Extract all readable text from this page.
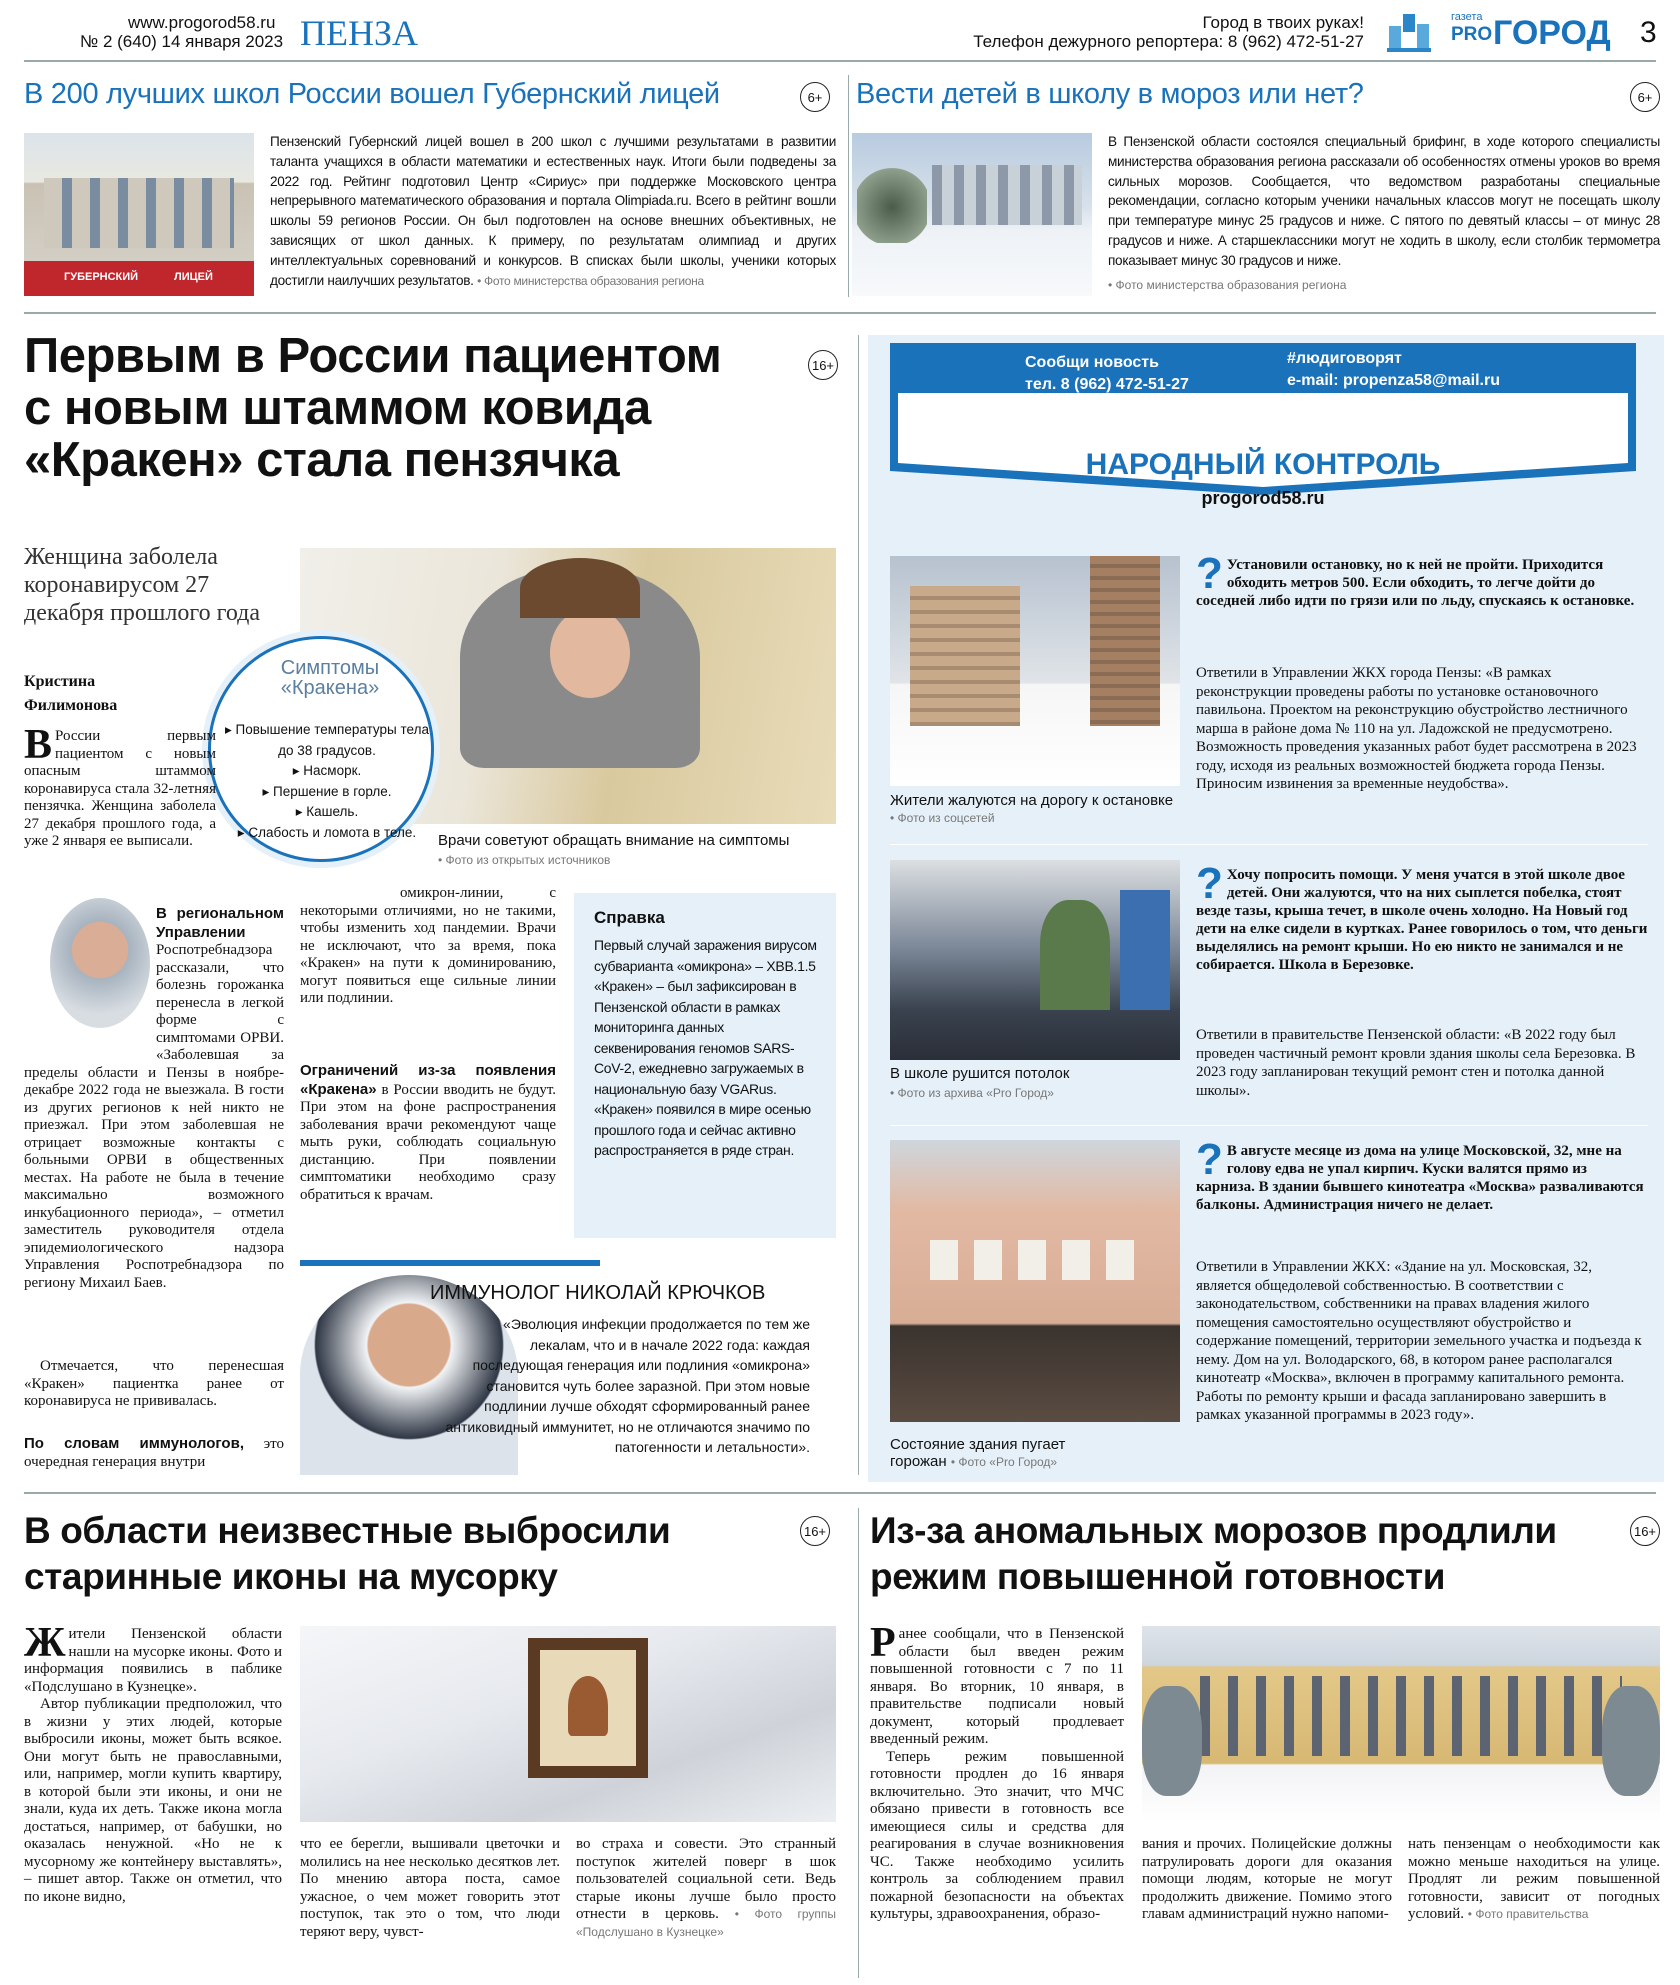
www.progorod58.ru
№ 2 (640) 14 января 2023 ПЕНЗА	Город в твоих руках!
Телефон дежурного репортера: 8 (962) 472-51-27
газета
PRO ГОРОД 3
В 200 лучших школ России вошел Губернский лицей	6+
ГУБЕРНСКИЙ	ЛИЦЕЙ
Пензенский Губернский лицей вошел в 200 школ с лучшими результатами в развитии таланта учащихся в области математики и естественных наук. Итоги были подведены за 2022 год. Рейтинг подготовил Центр «Сириус» при поддержке Московского центра непрерывного математического образования и портала Olimpiada.ru. Всего в рейтинг вошли школы 59 регионов России. Он был подготовлен на основе внешних объективных, не зависящих от школ данных. К примеру, по результатам олимпиад и других интеллектуальных соревнований и конкурсов. В списках были школы, ученики которых достигли наилучших результатов. • Фото министерства образования региона
Вести детей в школу в мороз или нет?	6+
В Пензенской области состоялся специальный брифинг, в ходе которого специалисты министерства образования региона рассказали об особенностях отмены уроков во время сильных морозов. Сообщается, что ведомством разработаны специальные рекомендации, согласно которым ученики начальных классов могут не посещать школу при температуре минус 25 градусов и ниже. С пятого по девятый классы – от минус 28 градусов и ниже. А старшеклассники могут не ходить в школу, если столбик термометра показывает минус 30 градусов и ниже.
• Фото министерства образования региона
Первым в России пациентом
с новым штаммом ковида
«Кракен» стала пензячка
16+
Женщина заболела коронавирусом 27 декабря прошлого года
Кристина Филимонова
Симптомы «Кракена»
▸ Повышение температуры тела до 38 градусов.
▸ Насморк.
▸ Першение в горле.
▸ Кашель.
▸ Слабость и ломота в теле.	Врачи советуют обращать внимание на симптомы
• Фото из открытых источников
В России первым пациентом с новым опасным штаммом коронавируса стала 32-летняя пензячка. Женщина заболела 27 декабря прошлого года, а уже 2 января ее выписали.
В региональном Управлении Роспотребнадзора рассказали, что болезнь горожанка перенесла в легкой форме с симптомами ОРВИ. «Заболевшая за пределы области и Пензы в ноябре-декабре 2022 года не выезжала. В гости из других регионов к ней никто не приезжал. При этом заболевшая не отрицает возможные контакты с больными ОРВИ в общественных местах. На работе не была в течение максимально возможного инкубационного периода», – отметил заместитель руководителя отдела эпидемиологического надзора Управления Роспотребнадзора по региону Михаил Баев.
Отмечается, что перенесшая «Кракен» пациентка ранее от коронавируса не прививалась.
По словам иммунологов, это очередная генерация внутри
омикрон-линии, с некоторыми отличиями, но не такими, чтобы изменить ход пандемии. Врачи не исключают, что за время, пока «Кракен» на пути к доминированию, могут появиться еще сильные линии или подлинии.
Ограничений из-за появления «Кракена» в России вводить не будут. При этом на фоне распространения заболевания врачи рекомендуют чаще мыть руки, соблюдать социальную дистанцию. При появлении симптоматики необходимо сразу обратиться к врачам.
Справка
Первый случай заражения вирусом субварианта «омикрона» – XBB.1.5 «Кракен» – был зафиксирован в Пензенской области в рамках мониторинга данных секвенирования геномов SARS-CoV-2, ежедневно загружаемых в национальную базу VGARus. «Кракен» появился в мире осенью прошлого года и сейчас активно распространяется в ряде стран.
ИММУНОЛОГ НИКОЛАЙ КРЮЧКОВ
«Эволюция инфекции продолжается по тем же лекалам, что и в начале 2022 года: каждая последующая генерация или подлиния «омикрона» становится чуть более заразной. При этом новые подлинии лучше обходят сформированный ранее антиковидный иммунитет, но не отличаются значимо по патогенности и летальности».
Сообщи новость
тел. 8 (962) 472-51-27
#людиговорят
e-mail: propenza58@mail.ru
Мы платим за новости
НАРОДНЫЙ КОНТРОЛЬ
progorod58.ru
Жители жалуются на дорогу к остановке • Фото из соцсетей
? Установили остановку, но к ней не пройти. Приходится обходить метров 500. Если обходить, то легче дойти до соседней либо идти по грязи или по льду, спускаясь к остановке.
Ответили в Управлении ЖКХ города Пензы: «В рамках реконструкции проведены работы по установке остановочного павильона. Проектом на реконструкцию обустройство лестничного марша в районе дома № 110 на ул. Ладожской не предусмотрено. Возможность проведения указанных работ будет рассмотрена в 2023 году, исходя из реальных возможностей бюджета города Пензы. Приносим извинения за временные неудобства».
В школе рушится потолок
• Фото из архива «Pro Город»
? Хочу попросить помощи. У меня учатся в этой школе двое детей. Они жалуются, что на них сыплется побелка, стоят везде тазы, крыша течет, в школе очень холодно. На Новый год дети на елке сидели в куртках. Ранее говорилось о том, что деньги выделялись на ремонт крыши. Но ею никто не занимался и не собирается. Школа в Березовке.
Ответили в правительстве Пензенской области: «В 2022 году был проведен частичный ремонт кровли здания школы села Березовка. В 2023 году запланирован текущий ремонт стен и потолка данной школы».
Состояние здания пугает горожан • Фото «Pro Город»
? В августе месяце из дома на улице Московской, 32, мне на голову едва не упал кирпич. Куски валятся прямо из карниза. В здании бывшего кинотеатра «Москва» разваливаются балконы. Администрация ничего не делает.
Ответили в Управлении ЖКХ: «Здание на ул. Московская, 32, является общедолевой собственностью. В соответствии с законодательством, собственники на правах владения жилого помещения самостоятельно осуществляют обустройство и содержание помещений, территории земельного участка и подъезда к нему. Дом на ул. Володарского, 68, в котором ранее располагался кинотеатр «Москва», включен в программу капитального ремонта. Работы по ремонту крыши и фасада запланировано завершить в рамках указанной программы в 2023 году».
В области неизвестные выбросили
старинные иконы на мусорку
16+
Жители Пензенской области нашли на мусорке иконы. Фото и информация появились в паблике «Подслушано в Кузнецке».
Автор публикации предположил, что в жизни у этих людей, которые выбросили иконы, может быть всякое. Они могут быть не православными, или, например, могли купить квартиру, в которой были эти иконы, и они не знали, куда их деть. Также икона могла достаться, например, от бабушки, но оказалась ненужной. «Но не к мусорному же контейнеру выставлять», – пишет автор. Также он отметил, что по иконе видно,
что ее берегли, вышивали цветочки и молились на нее несколько десятков лет. По мнению автора поста, самое ужасное, о чем может говорить этот поступок, так это о том, что люди теряют веру, чувст-
во страха и совести. Это странный поступок жителей поверг в шок пользователей социальной сети. Ведь старые иконы лучше было просто отнести в церковь. • Фото группы «Подслушано в Кузнецке»
Из-за аномальных морозов продлили
режим повышенной готовности
16+
Ранее сообщали, что в Пензенской области был введен режим повышенной готовности с 7 по 11 января. Во вторник, 10 января, в правительстве подписали новый документ, который продлевает введенный режим.
Теперь режим повышенной готовности продлен до 16 января включительно. Это значит, что МЧС обязано привести в готовность все имеющиеся силы и средства для реагирования в случае возникновения ЧС. Также необходимо усилить контроль за соблюдением правил пожарной безопасности на объектах культуры, здравоохранения, образо-
вания и прочих. Полицейские должны патрулировать дороги для оказания помощи людям, которые не могут продолжить движение. Помимо этого главам администраций нужно напоми-
нать пензенцам о необходимости как можно меньше находиться на улице. Продлят ли режим повышенной готовности, зависит от погодных условий. • Фото правительства
